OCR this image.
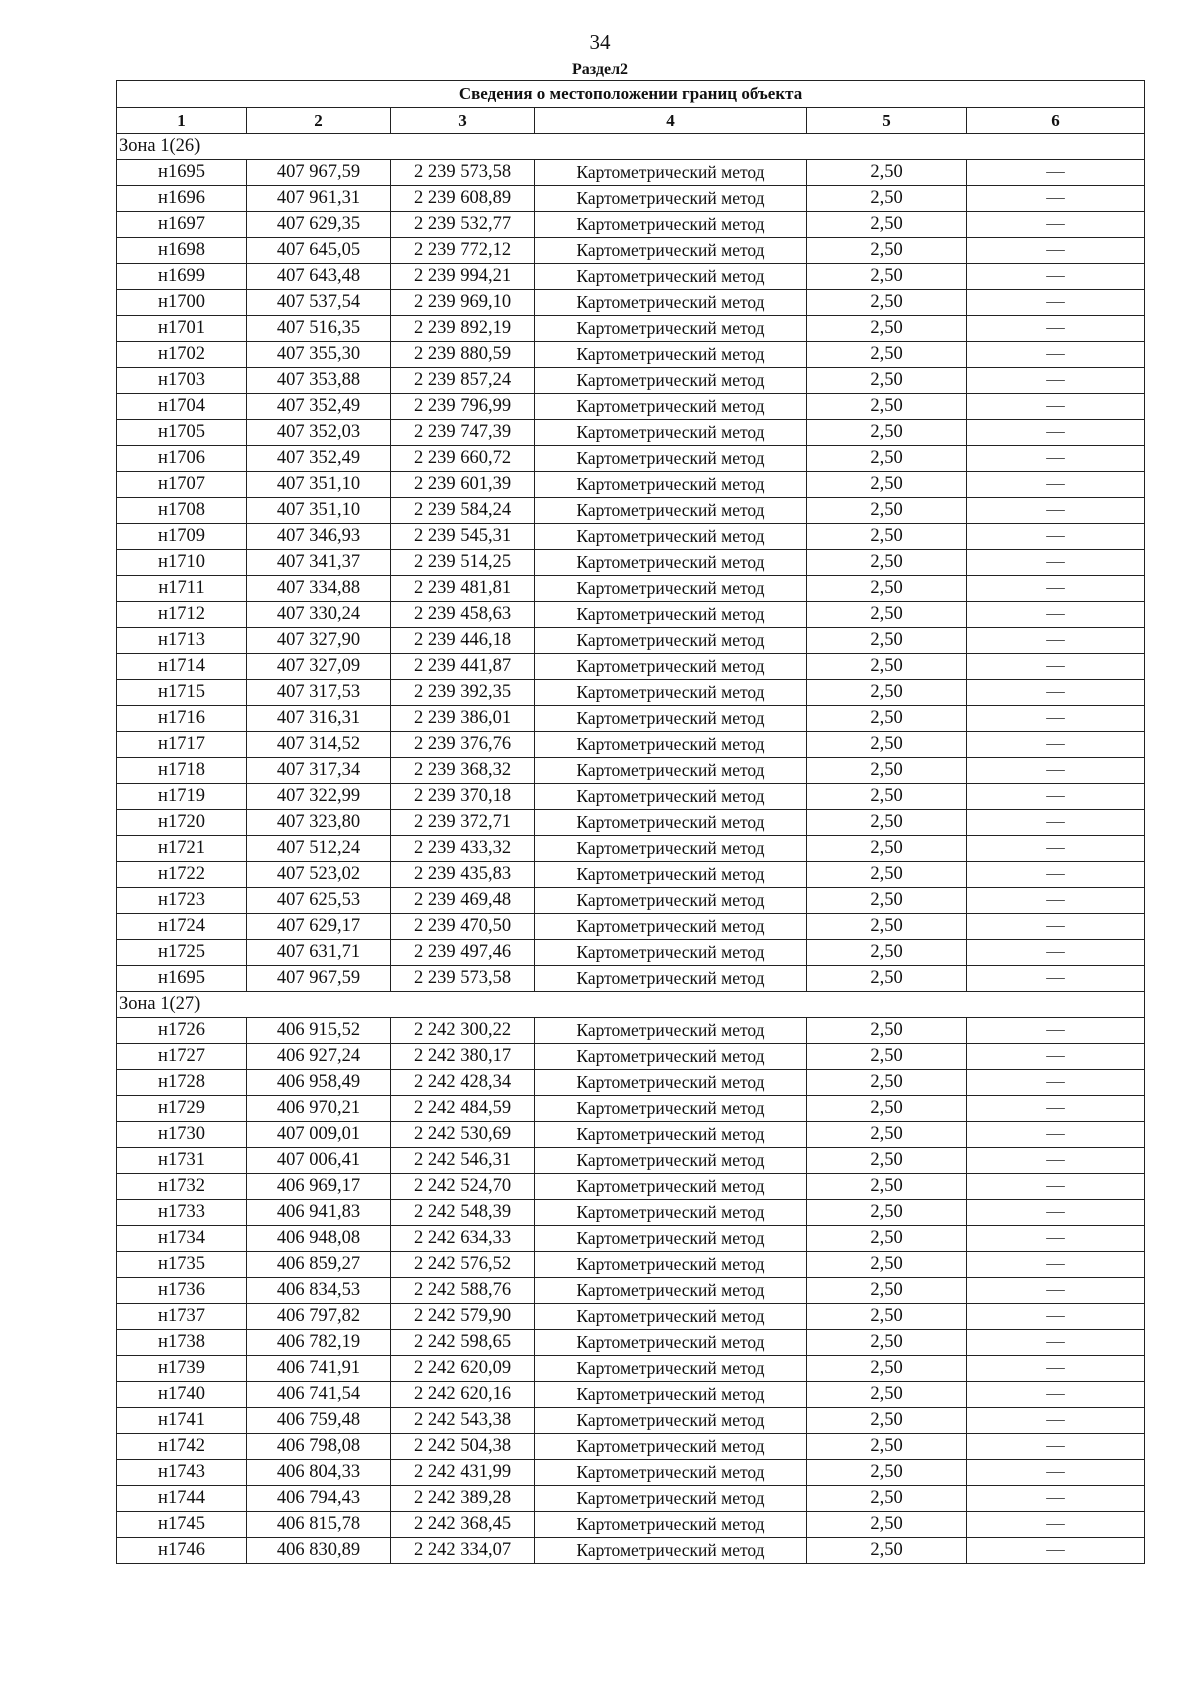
34
Раздел2
Сведения о местоположении границ объекта					
1	2	3	4	5	6
Зона 1(26)					
н1695	407 967,59	2 239 573,58	Картометрический метод	2,50	—
н1696	407 961,31	2 239 608,89	Картометрический метод	2,50	—
н1697	407 629,35	2 239 532,77	Картометрический метод	2,50	—
н1698	407 645,05	2 239 772,12	Картометрический метод	2,50	—
н1699	407 643,48	2 239 994,21	Картометрический метод	2,50	—
н1700	407 537,54	2 239 969,10	Картометрический метод	2,50	—
н1701	407 516,35	2 239 892,19	Картометрический метод	2,50	—
н1702	407 355,30	2 239 880,59	Картометрический метод	2,50	—
н1703	407 353,88	2 239 857,24	Картометрический метод	2,50	—
н1704	407 352,49	2 239 796,99	Картометрический метод	2,50	—
н1705	407 352,03	2 239 747,39	Картометрический метод	2,50	—
н1706	407 352,49	2 239 660,72	Картометрический метод	2,50	—
н1707	407 351,10	2 239 601,39	Картометрический метод	2,50	—
н1708	407 351,10	2 239 584,24	Картометрический метод	2,50	—
н1709	407 346,93	2 239 545,31	Картометрический метод	2,50	—
н1710	407 341,37	2 239 514,25	Картометрический метод	2,50	—
н1711	407 334,88	2 239 481,81	Картометрический метод	2,50	—
н1712	407 330,24	2 239 458,63	Картометрический метод	2,50	—
н1713	407 327,90	2 239 446,18	Картометрический метод	2,50	—
н1714	407 327,09	2 239 441,87	Картометрический метод	2,50	—
н1715	407 317,53	2 239 392,35	Картометрический метод	2,50	—
н1716	407 316,31	2 239 386,01	Картометрический метод	2,50	—
н1717	407 314,52	2 239 376,76	Картометрический метод	2,50	—
н1718	407 317,34	2 239 368,32	Картометрический метод	2,50	—
н1719	407 322,99	2 239 370,18	Картометрический метод	2,50	—
н1720	407 323,80	2 239 372,71	Картометрический метод	2,50	—
н1721	407 512,24	2 239 433,32	Картометрический метод	2,50	—
н1722	407 523,02	2 239 435,83	Картометрический метод	2,50	—
н1723	407 625,53	2 239 469,48	Картометрический метод	2,50	—
н1724	407 629,17	2 239 470,50	Картометрический метод	2,50	—
н1725	407 631,71	2 239 497,46	Картометрический метод	2,50	—
н1695	407 967,59	2 239 573,58	Картометрический метод	2,50	—
Зона 1(27)					
н1726	406 915,52	2 242 300,22	Картометрический метод	2,50	—
н1727	406 927,24	2 242 380,17	Картометрический метод	2,50	—
н1728	406 958,49	2 242 428,34	Картометрический метод	2,50	—
н1729	406 970,21	2 242 484,59	Картометрический метод	2,50	—
н1730	407 009,01	2 242 530,69	Картометрический метод	2,50	—
н1731	407 006,41	2 242 546,31	Картометрический метод	2,50	—
н1732	406 969,17	2 242 524,70	Картометрический метод	2,50	—
н1733	406 941,83	2 242 548,39	Картометрический метод	2,50	—
н1734	406 948,08	2 242 634,33	Картометрический метод	2,50	—
н1735	406 859,27	2 242 576,52	Картометрический метод	2,50	—
н1736	406 834,53	2 242 588,76	Картометрический метод	2,50	—
н1737	406 797,82	2 242 579,90	Картометрический метод	2,50	—
н1738	406 782,19	2 242 598,65	Картометрический метод	2,50	—
н1739	406 741,91	2 242 620,09	Картометрический метод	2,50	—
н1740	406 741,54	2 242 620,16	Картометрический метод	2,50	—
н1741	406 759,48	2 242 543,38	Картометрический метод	2,50	—
н1742	406 798,08	2 242 504,38	Картометрический метод	2,50	—
н1743	406 804,33	2 242 431,99	Картометрический метод	2,50	—
н1744	406 794,43	2 242 389,28	Картометрический метод	2,50	—
н1745	406 815,78	2 242 368,45	Картометрический метод	2,50	—
н1746	406 830,89	2 242 334,07	Картометрический метод	2,50	—
